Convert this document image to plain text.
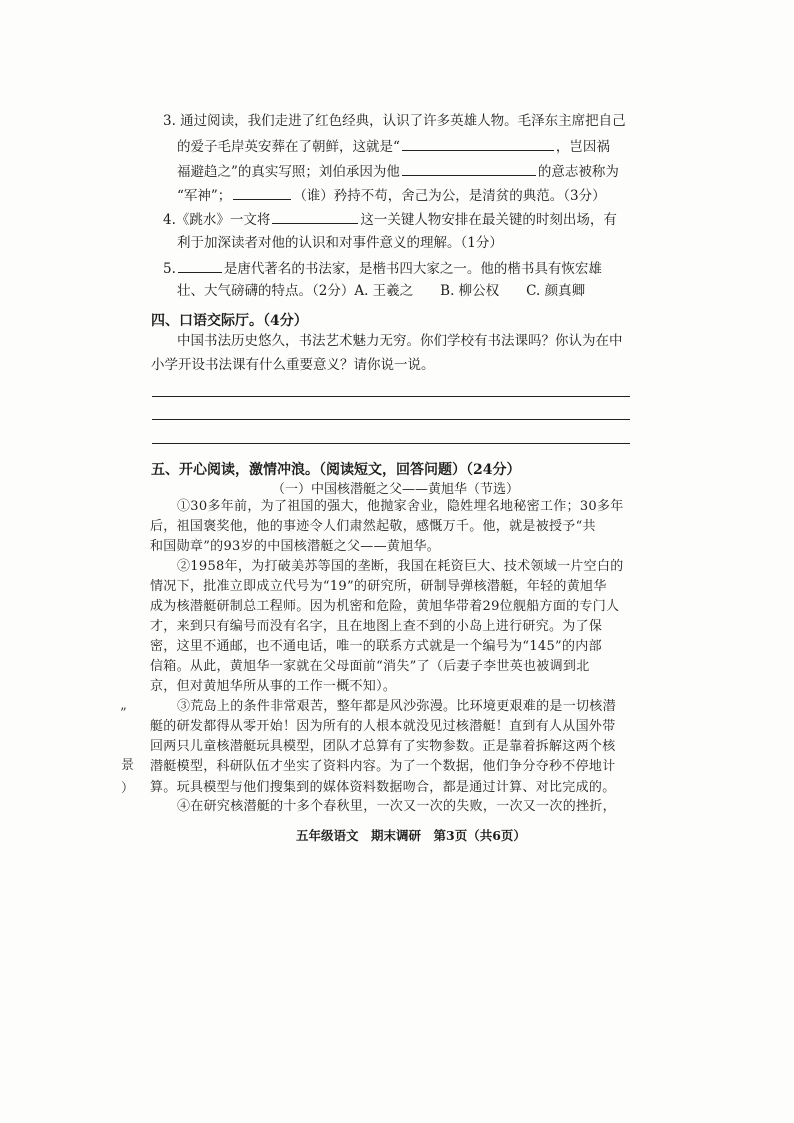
3. 通过阅读，我们走进了红色经典，认识了许多英雄人物。毛泽东主席把自己
的爱子毛岸英安葬在了朝鲜，这就是“	，岂因祸
福避趋之”的真实写照；刘伯承因为他	的意志被称为
“军神”；	（谁）矜持不苟，舍己为公，是清贫的典范。（3分）
4.《跳水》一文将	这一关键人物安排在最关键的时刻出场，有
利于加深读者对他的认识和对事件意义的理解。（1分）
5.	是唐代著名的书法家，是楷书四大家之一。他的楷书具有恢宏雄
壮、大气磅礴的特点。（2分）A. 王羲之　　B. 柳公权　　C. 颜真卿
四、口语交际厅。（4分）
中国书法历史悠久，书法艺术魅力无穷。你们学校有书法课吗？你认为在中
小学开设书法课有什么重要意义？请你说一说。
五、开心阅读，激情冲浪。（阅读短文，回答问题）（24分）
（一）中国核潜艇之父——黄旭华（节选）
①30多年前，为了祖国的强大，他抛家舍业，隐姓埋名地秘密工作；30多年
后，祖国褒奖他，他的事迹令人们肃然起敬，感慨万千。他，就是被授予“共
和国勋章”的93岁的中国核潜艇之父——黄旭华。
②1958年，为打破美苏等国的垄断，我国在耗资巨大、技术领域一片空白的
情况下，批准立即成立代号为“19”的研究所，研制导弹核潜艇，年轻的黄旭华
成为核潜艇研制总工程师。因为机密和危险，黄旭华带着29位舰船方面的专门人
才，来到只有编号而没有名字，且在地图上查不到的小岛上进行研究。为了保
密，这里不通邮，也不通电话，唯一的联系方式就是一个编号为“145”的内部
信箱。从此，黄旭华一家就在父母面前“消失”了（后妻子李世英也被调到北
京，但对黄旭华所从事的工作一概不知）。
③荒岛上的条件非常艰苦，整年都是风沙弥漫。比环境更艰难的是一切核潜
艇的研发都得从零开始！因为所有的人根本就没见过核潜艇！直到有人从国外带
回两只儿童核潜艇玩具模型，团队才总算有了实物参数。正是靠着拆解这两个核
潜艇模型，科研队伍才坐实了资料内容。为了一个数据，他们争分夺秒不停地计
算。玩具模型与他们搜集到的媒体资料数据吻合，都是通过计算、对比完成的。
④在研究核潜艇的十多个春秋里，一次又一次的失败，一次又一次的挫折，
”
景
）
五年级语文　期末调研　第3页（共6页）
